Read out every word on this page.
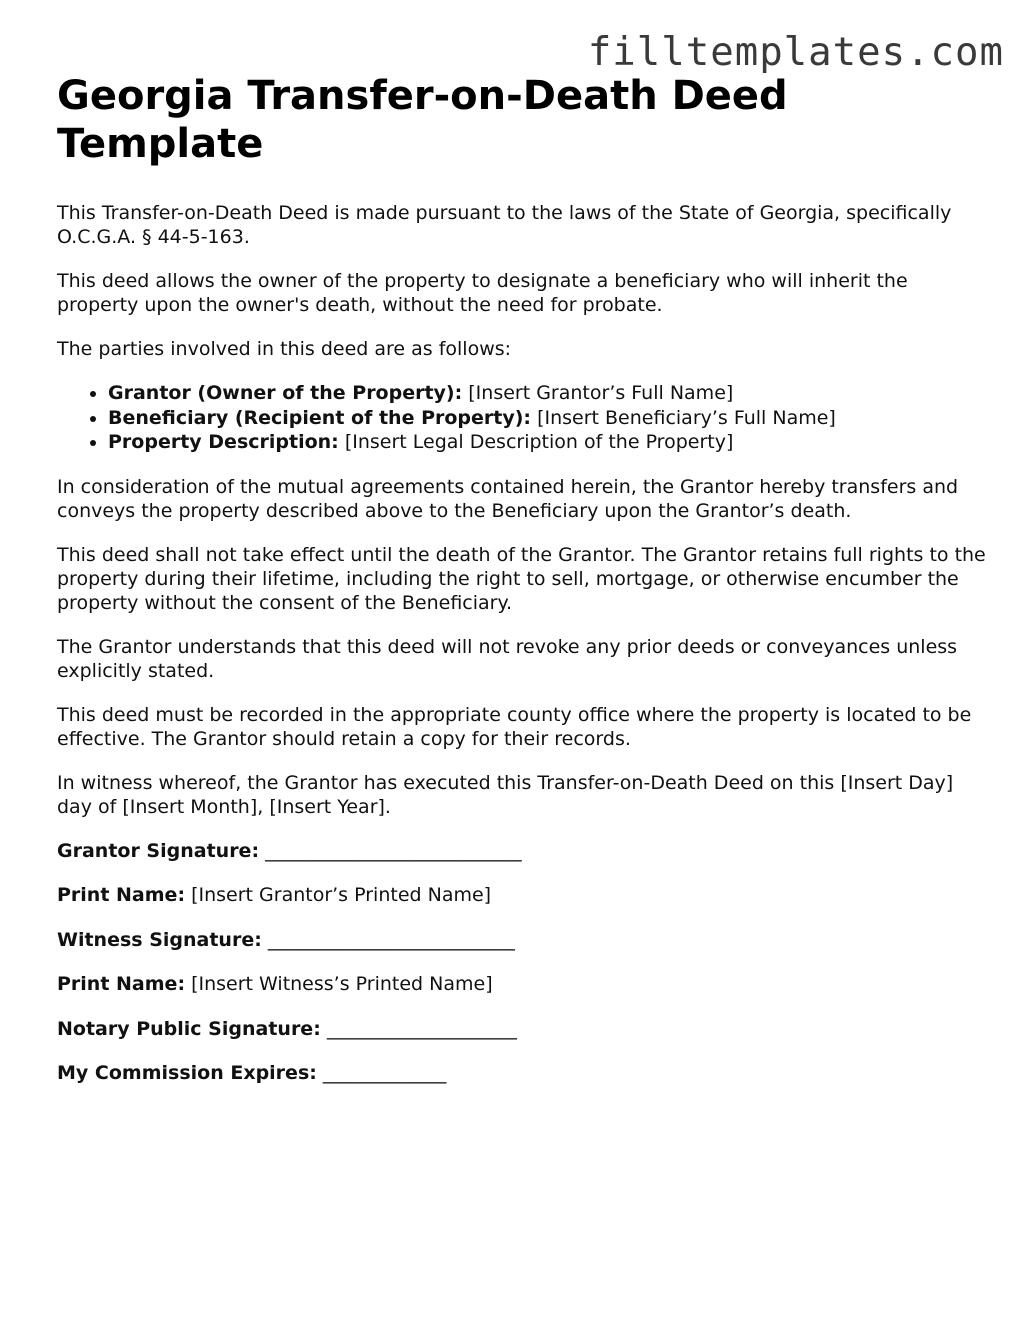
filltemplates.com
Georgia Transfer-on-Death Deed Template

This Transfer-on-Death Deed is made pursuant to the laws of the State of Georgia, specifically O.C.G.A. § 44-5-163.

This deed allows the owner of the property to designate a beneficiary who will inherit the property upon the owner's death, without the need for probate.

The parties involved in this deed are as follows:

• Grantor (Owner of the Property): [Insert Grantor’s Full Name]
• Beneficiary (Recipient of the Property): [Insert Beneficiary’s Full Name]
• Property Description: [Insert Legal Description of the Property]

In consideration of the mutual agreements contained herein, the Grantor hereby transfers and conveys the property described above to the Beneficiary upon the Grantor’s death.

This deed shall not take effect until the death of the Grantor. The Grantor retains full rights to the property during their lifetime, including the right to sell, mortgage, or otherwise encumber the property without the consent of the Beneficiary.

The Grantor understands that this deed will not revoke any prior deeds or conveyances unless explicitly stated.

This deed must be recorded in the appropriate county office where the property is located to be effective. The Grantor should retain a copy for their records.

In witness whereof, the Grantor has executed this Transfer-on-Death Deed on this [Insert Day] day of [Insert Month], [Insert Year].

Grantor Signature: ___________________________

Print Name: [Insert Grantor’s Printed Name]

Witness Signature: __________________________

Print Name: [Insert Witness’s Printed Name]

Notary Public Signature: ____________________

My Commission Expires: _____________
